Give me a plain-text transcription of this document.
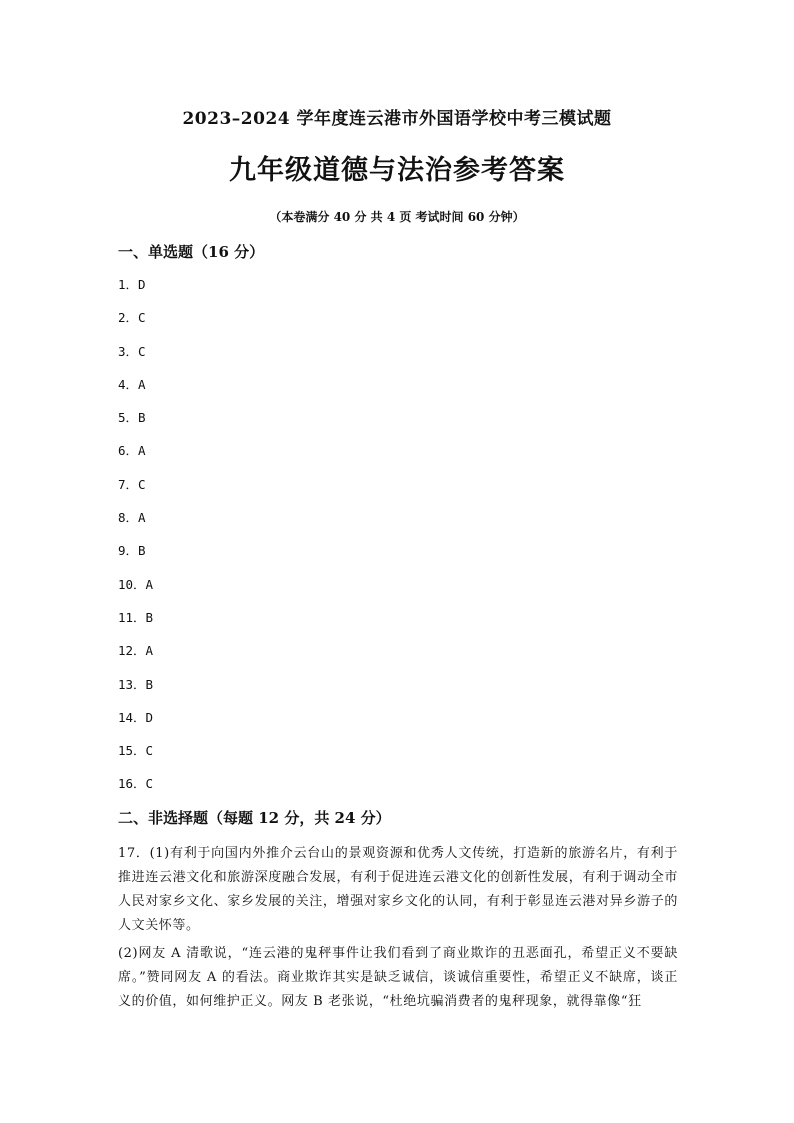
2023–2024 学年度连云港市外国语学校中考三模试题
九年级道德与法治参考答案
（本卷满分 40 分 共 4 页 考试时间 60 分钟）
一、单选题（16 分）
1．D
2．C
3．C
4．A
5．B
6．A
7．C
8．A
9．B
10．A
11．B
12．A
13．B
14．D
15．C
16．C
二、非选择题（每题 12 分，共 24 分）
17．(1)有利于向国内外推介云台山的景观资源和优秀人文传统，打造新的旅游名片，有利于推进连云港文化和旅游深度融合发展，有利于促进连云港文化的创新性发展，有利于调动全市人民对家乡文化、家乡发展的关注，增强对家乡文化的认同，有利于彰显连云港对异乡游子的人文关怀等。
(2)网友 A 清歌说，“连云港的鬼秤事件让我们看到了商业欺诈的丑恶面孔，希望正义不要缺席。”赞同网友 A 的看法。商业欺诈其实是缺乏诚信，谈诚信重要性，希望正义不缺席，谈正义的价值，如何维护正义。网友 B 老张说，“杜绝坑骗消费者的鬼秤现象，就得靠像“狂
